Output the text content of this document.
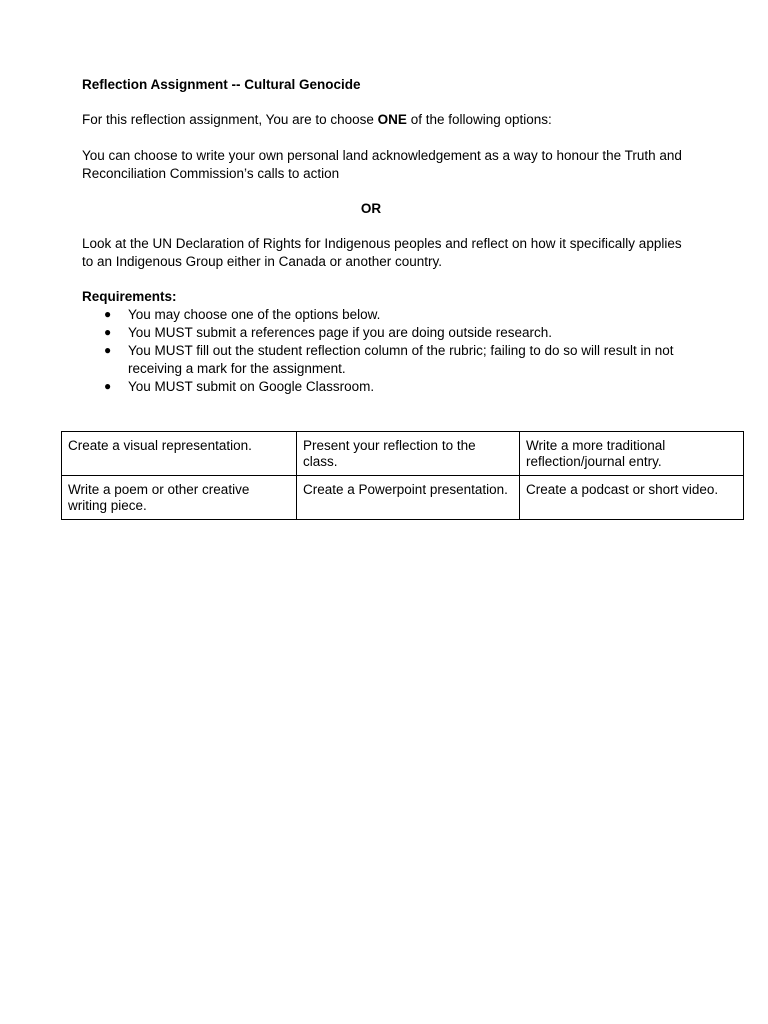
Reflection Assignment -- Cultural Genocide
For this reflection assignment, You are to choose ONE of the following options:
You can choose to write your own personal land acknowledgement as a way to honour the Truth and Reconciliation Commission’s calls to action
OR
Look at the UN Declaration of Rights for Indigenous peoples and reflect on how it specifically applies to an Indigenous Group either in Canada or another country.
Requirements:
● You may choose one of the options below.
● You MUST submit a references page if you are doing outside research.
● You MUST fill out the student reflection column of the rubric; failing to do so will result in not receiving a mark for the assignment.
● You MUST submit on Google Classroom.
Create a visual representation.	Present your reflection to the class.	Write a more traditional reflection/journal entry.
Write a poem or other creative writing piece.	Create a Powerpoint presentation.	Create a podcast or short video.
